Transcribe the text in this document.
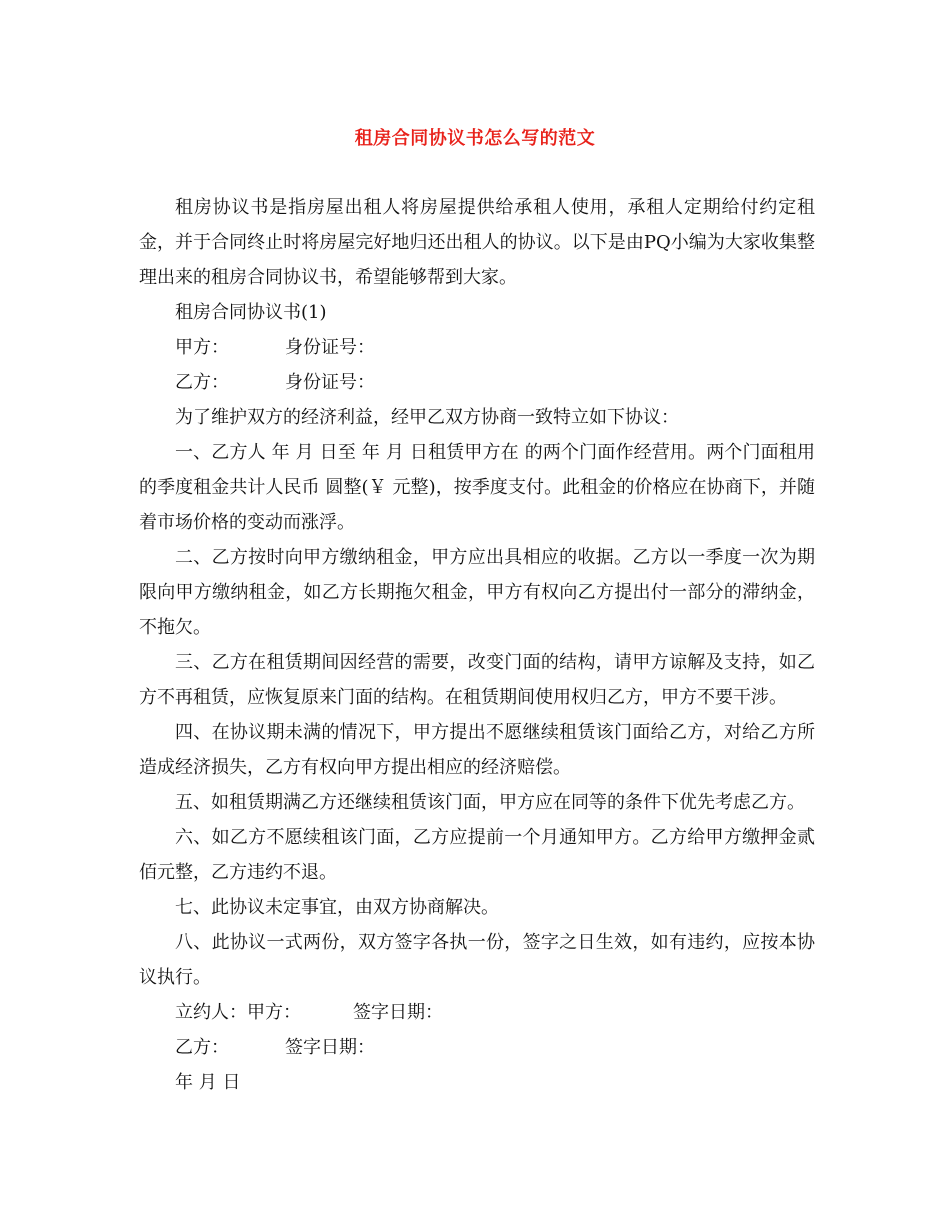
租房合同协议书怎么写的范文

租房协议书是指房屋出租人将房屋提供给承租人使用，承租人定期给付约定租金，并于合同终止时将房屋完好地归还出租人的协议。以下是由PQ小编为大家收集整理出来的租房合同协议书，希望能够帮到大家。

租房合同协议书(1)

甲方：	身份证号：

乙方：	身份证号：

为了维护双方的经济利益，经甲乙双方协商一致特立如下协议：

一、乙方人 年 月 日至 年 月 日租赁甲方在 的两个门面作经营用。两个门面租用的季度租金共计人民币 圆整(￥ 元整)，按季度支付。此租金的价格应在协商下，并随着市场价格的变动而涨浮。

二、乙方按时向甲方缴纳租金，甲方应出具相应的收据。乙方以一季度一次为期限向甲方缴纳租金，如乙方长期拖欠租金，甲方有权向乙方提出付一部分的滞纳金，不拖欠。

三、乙方在租赁期间因经营的需要，改变门面的结构，请甲方谅解及支持，如乙方不再租赁，应恢复原来门面的结构。在租赁期间使用权归乙方，甲方不要干涉。

四、在协议期未满的情况下，甲方提出不愿继续租赁该门面给乙方，对给乙方所造成经济损失，乙方有权向甲方提出相应的经济赔偿。

五、如租赁期满乙方还继续租赁该门面，甲方应在同等的条件下优先考虑乙方。

六、如乙方不愿续租该门面，乙方应提前一个月通知甲方。乙方给甲方缴押金贰佰元整，乙方违约不退。

七、此协议未定事宜，由双方协商解决。

八、此协议一式两份，双方签字各执一份，签字之日生效，如有违约，应按本协议执行。

立约人：甲方：	签字日期：

乙方：	签字日期：

年 月 日
